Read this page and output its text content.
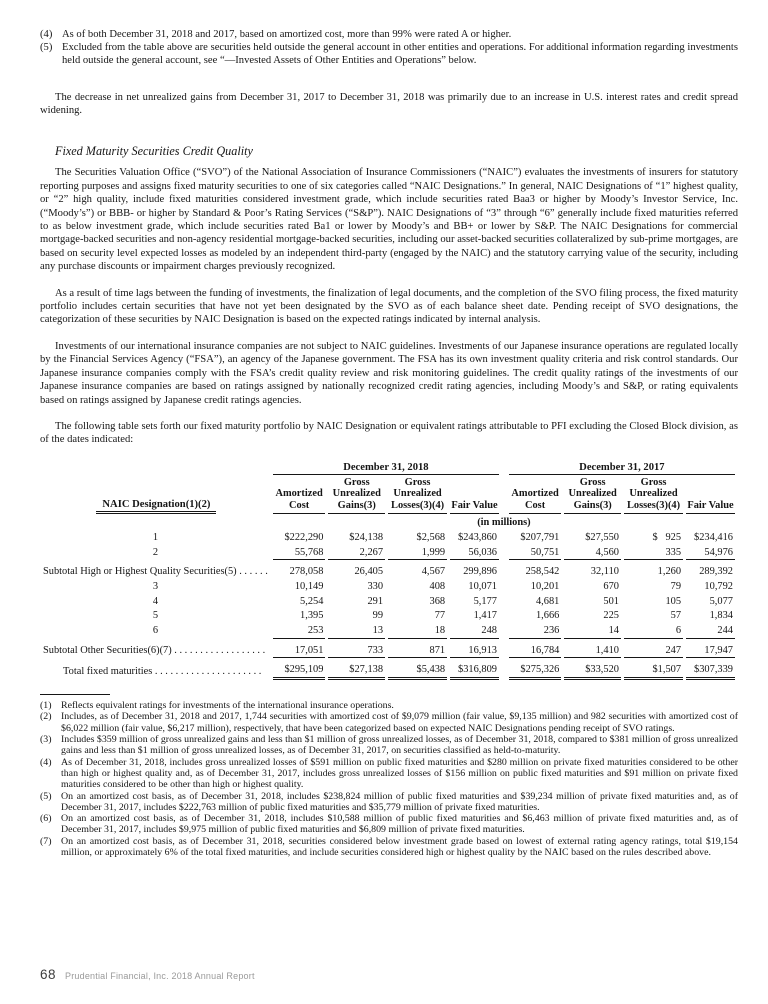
(4) As of both December 31, 2018 and 2017, based on amortized cost, more than 99% were rated A or higher.
(5) Excluded from the table above are securities held outside the general account in other entities and operations. For additional information regarding investments held outside the general account, see “—Invested Assets of Other Entities and Operations” below.

The decrease in net unrealized gains from December 31, 2017 to December 31, 2018 was primarily due to an increase in U.S. interest rates and credit spread widening.

Fixed Maturity Securities Credit Quality

The Securities Valuation Office (“SVO”) of the National Association of Insurance Commissioners (“NAIC”) evaluates the investments of insurers for statutory reporting purposes and assigns fixed maturity securities to one of six categories called “NAIC Designations.” In general, NAIC Designations of “1” highest quality, or “2” high quality, include fixed maturities considered investment grade, which include securities rated Baa3 or higher by Moody’s Investor Service, Inc. (“Moody’s”) or BBB- or higher by Standard & Poor’s Rating Services (“S&P”). NAIC Designations of “3” through “6” generally include fixed maturities referred to as below investment grade, which include securities rated Ba1 or lower by Moody’s and BB+ or lower by S&P. The NAIC Designations for commercial mortgage-backed securities and non-agency residential mortgage-backed securities, including our asset-backed securities collateralized by sub-prime mortgages, are based on security level expected losses as modeled by an independent third-party (engaged by the NAIC) and the statutory carrying value of the security, including any purchase discounts or impairment charges previously recognized.

As a result of time lags between the funding of investments, the finalization of legal documents, and the completion of the SVO filing process, the fixed maturity portfolio includes certain securities that have not yet been designated by the SVO as of each balance sheet date. Pending receipt of SVO designations, the categorization of these securities by NAIC Designation is based on the expected ratings indicated by internal analysis.

Investments of our international insurance companies are not subject to NAIC guidelines. Investments of our Japanese insurance operations are regulated locally by the Financial Services Agency (“FSA”), an agency of the Japanese government. The FSA has its own investment quality criteria and risk control standards. Our Japanese insurance companies comply with the FSA’s credit quality review and risk monitoring guidelines. The credit quality ratings of the investments of our Japanese insurance companies are based on ratings assigned by nationally recognized credit rating agencies, including Moody’s and S&P, or rating equivalents based on ratings assigned by Japanese credit ratings agencies.

The following table sets forth our fixed maturity portfolio by NAIC Designation or equivalent ratings attributable to PFI excluding the Closed Block division, as of the dates indicated:

	December 31, 2018					December 31, 2017			
NAIC Designation(1)(2)	Amortized Cost	Gross Unrealized Gains(3)	Gross Unrealized Losses(3)(4)	Fair Value		Amortized Cost	Gross Unrealized Gains(3)	Gross Unrealized Losses(3)(4)	Fair Value
	(in millions)								
1	$222,290	$24,138	$2,568	$243,860		$207,791	$27,550	$   925	$234,416
2	55,768	2,267	1,999	56,036		50,751	4,560	335	54,976
Subtotal High or Highest Quality Securities(5) . . . . . .	278,058	26,405	4,567	299,896		258,542	32,110	1,260	289,392
3	10,149	330	408	10,071		10,201	670	79	10,792
4	5,254	291	368	5,177		4,681	501	105	5,077
5	1,395	99	77	1,417		1,666	225	57	1,834
6	253	13	18	248		236	14	6	244
Subtotal Other Securities(6)(7) . . . . . . . . . . . . . . . . . .	17,051	733	871	16,913		16,784	1,410	247	17,947
Total fixed maturities . . . . . . . . . . . . . . . . . . . . .	$295,109	$27,138	$5,438	$316,809		$275,326	$33,520	$1,507	$307,339
(1) Reflects equivalent ratings for investments of the international insurance operations.
(2) Includes, as of December 31, 2018 and 2017, 1,744 securities with amortized cost of $9,079 million (fair value, $9,135 million) and 982 securities with amortized cost of $6,022 million (fair value, $6,217 million), respectively, that have been categorized based on expected NAIC Designations pending receipt of SVO ratings.
(3) Includes $359 million of gross unrealized gains and less than $1 million of gross unrealized losses, as of December 31, 2018, compared to $381 million of gross unrealized gains and less than $1 million of gross unrealized losses, as of December 31, 2017, on securities classified as held-to-maturity.
(4) As of December 31, 2018, includes gross unrealized losses of $591 million on public fixed maturities and $280 million on private fixed maturities considered to be other than high or highest quality and, as of December 31, 2017, includes gross unrealized losses of $156 million on public fixed maturities and $91 million on private fixed maturities considered to be other than high or highest quality.
(5) On an amortized cost basis, as of December 31, 2018, includes $238,824 million of public fixed maturities and $39,234 million of private fixed maturities and, as of December 31, 2017, includes $222,763 million of public fixed maturities and $35,779 million of private fixed maturities.
(6) On an amortized cost basis, as of December 31, 2018, includes $10,588 million of public fixed maturities and $6,463 million of private fixed maturities and, as of December 31, 2017, includes $9,975 million of public fixed maturities and $6,809 million of private fixed maturities.
(7) On an amortized cost basis, as of December 31, 2018, securities considered below investment grade based on lowest of external rating agency ratings, total $19,154 million, or approximately 6% of the total fixed maturities, and include securities considered high or highest quality by the NAIC based on the rules described above.
68 Prudential Financial, Inc. 2018 Annual Report
